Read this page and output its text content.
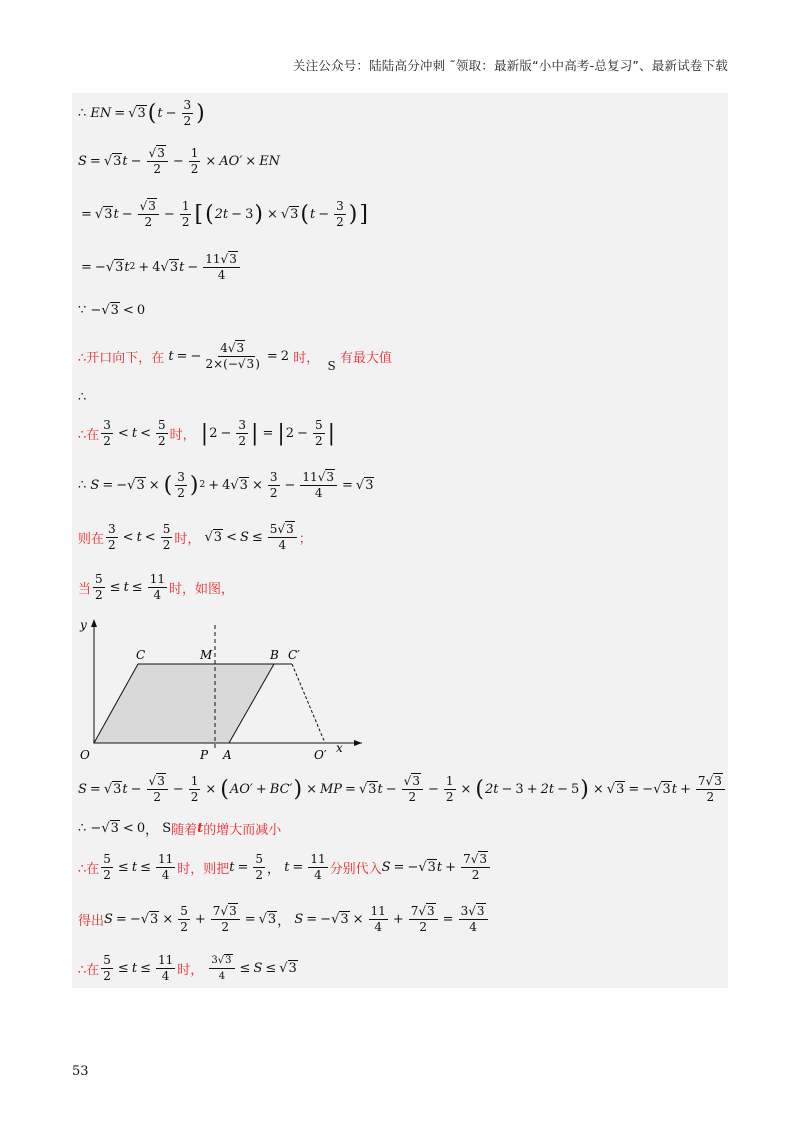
关注公众号：陆陆高分冲刺 ˜领取：最新版“小中高考-总复习”、最新试卷下载
∴ EN = √3 ( $t - \frac{3}{2}$ )
S = √3 $t - \frac{√3}{2} - \frac{1}{2} \times AO'$ × EN
= √3 $t - \frac{√3}{2} - \frac{1}{2}$ [ ( 2t − 3 ) × √3 ( $t - \frac{3}{2}$ ) ]
= − √3 t 2 + 4 √3 $t - \frac{11√3}{4}$
∵
− √3 < 0
∴开口向下，在 t = − $\frac{4√3}{2\times(-√3)} = 2$
时，

S

有最大值
∴
∴在 $\frac{3}{2} < t < \frac{5}{2}$ 时，
| $2 - \frac{3}{2}$ | = | $2 - \frac{5}{2}$ |
∴ S = − √3 × ( $\frac{3}{2}$ ) 2 + 4 $√3 \times \frac{3}{2} - \frac{11√3}{4} = √3$
则在 $\frac{3}{2} < t < \frac{5}{2}$ 时，
$√3 < S \le \frac{5√3}{4}$ ；
当 $\frac{5}{2} \le t \le \frac{11}{4}$ 时，如图，
y
x
C	M	B C′
O	P A	O′
S = √3 $t - \frac{√3}{2} - \frac{1}{2}$ × ( AO′ + BC′ ) × MP = √3 $t - \frac{√3}{2} - \frac{1}{2}$ × ( 2t − 3 + 2t − 5 ) × √3 = − √3 $t + \frac{7√3}{2}$
∴
− √3 < 0 ，
S 随着 t 的增大而减小
∴在 $\frac{5}{2} \le t \le \frac{11}{4}$ 时，则把 $t = \frac{5}{2}$ ， $t = \frac{11}{4}$ 分别代入 S = − √3 $t + \frac{7√3}{2}$
得出 S = − $√3 \times \frac{5}{2} + \frac{7√3}{2} = √3$ ， S = − $√3 \times \frac{11}{4} + \frac{7√3}{2} = \frac{3√3}{4}$
∴在 $\frac{5}{2} \le t \le \frac{11}{4}$ 时，
$\frac{3√3}{4} \le S \le √3$
53
